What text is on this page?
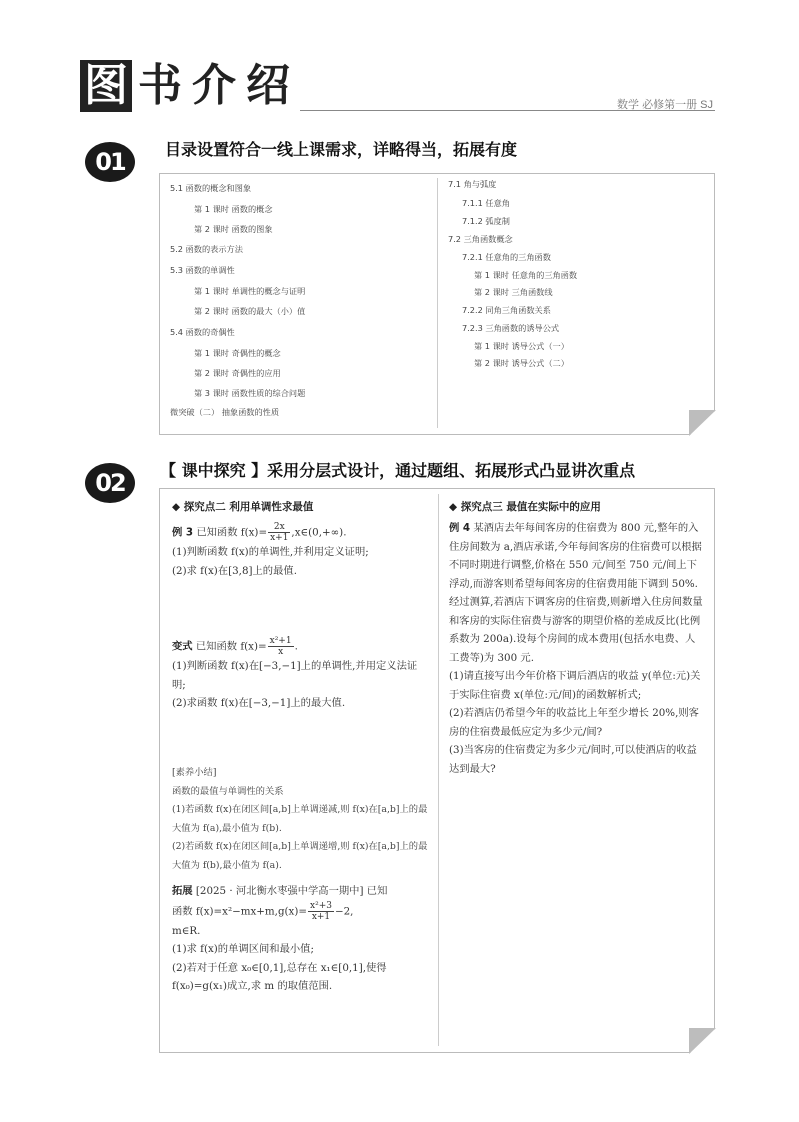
图 书 介 绍	数学 必修第一册 SJ
01	目录设置符合一线上课需求，详略得当，拓展有度
5.1 函数的概念和图象
第 1 课时 函数的概念
第 2 课时 函数的图象
5.2 函数的表示方法
5.3 函数的单调性
第 1 课时 单调性的概念与证明
第 2 课时 函数的最大（小）值
5.4 函数的奇偶性
第 1 课时 奇偶性的概念
第 2 课时 奇偶性的应用
第 3 课时 函数性质的综合问题
微突破（二） 抽象函数的性质
7.1 角与弧度
7.1.1 任意角
7.1.2 弧度制
7.2 三角函数概念
7.2.1 任意角的三角函数
第 1 课时 任意角的三角函数
第 2 课时 三角函数线
7.2.2 同角三角函数关系
7.2.3 三角函数的诱导公式
第 1 课时 诱导公式（一）
第 2 课时 诱导公式（二）
02	【 课中探究 】采用分层式设计，通过题组、拓展形式凸显讲次重点
◆ 探究点二 利用单调性求最值

例 3 已知函数 $f(x)= \frac{2x}{x+1}$ ,x∈(0,+∞).

(1)判断函数 f(x)的单调性,并利用定义证明;

(2)求 f(x)在[3,8]上的最值.

变式 已知函数 $f(x)= \frac{\text{x²+1}}{x}$ .

(1)判断函数 f(x)在[−3,−1]上的单调性,并用定义法证明;

(2)求函数 f(x)在[−3,−1]上的最大值.

[素养小结]

函数的最值与单调性的关系

(1)若函数 f(x)在闭区间[a,b]上单调递减,则 f(x)在[a,b]上的最大值为 f(a),最小值为 f(b).

(2)若函数 f(x)在闭区间[a,b]上单调递增,则 f(x)在[a,b]上的最大值为 f(b),最小值为 f(a).

拓展 [2025 · 河北衡水枣强中学高一期中] 已知

函数 $f(x)=x^2-mx+m,g(x)= \frac{\text{x²+3}}{x+1} -2$,

m∈R.

(1)求 f(x)的单调区间和最小值;

(2)若对于任意 x₀∈[0,1],总存在 x₁∈[0,1],使得 f(x₀)=g(x₁)成立,求 m 的取值范围.

◆ 探究点三 最值在实际中的应用

例 4 某酒店去年每间客房的住宿费为 800 元,整年的入住房间数为 a,酒店承诺,今年每间客房的住宿费可以根据不同时期进行调整,价格在 550 元/间至 750 元/间上下浮动,而游客则希望每间客房的住宿费用能下调到 50%.经过测算,若酒店下调客房的住宿费,则新增入住房间数量和客房的实际住宿费与游客的期望价格的差成反比(比例系数为 200a).设每个房间的成本费用(包括水电费、人工费等)为 300 元.

(1)请直接写出今年价格下调后酒店的收益 y(单位:元)关于实际住宿费 x(单位:元/间)的函数解析式;

(2)若酒店仍希望今年的收益比上年至少增长 20%,则客房的住宿费最低应定为多少元/间?

(3)当客房的住宿费定为多少元/间时,可以使酒店的收益达到最大?
